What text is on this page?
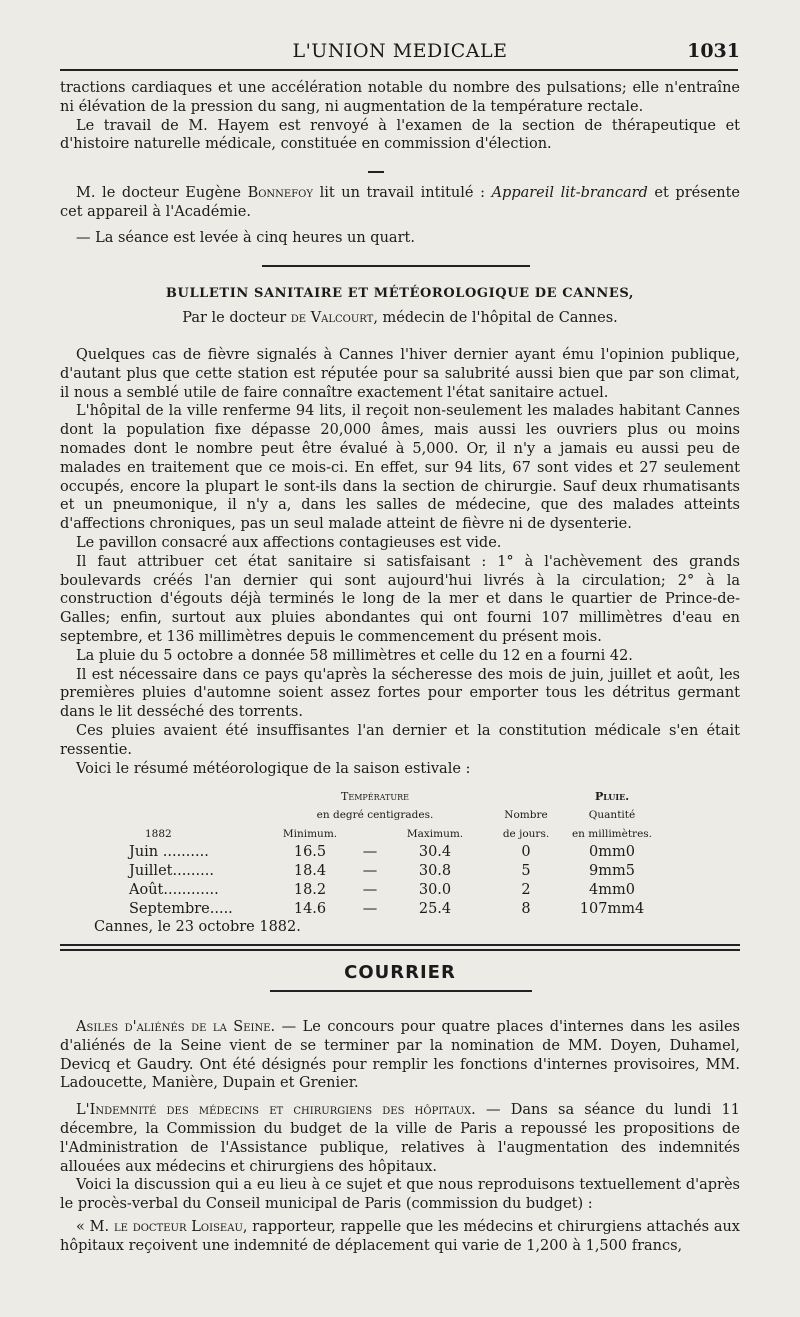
L'UNION MEDICALE	1031

tractions cardiaques et une accélération notable du nombre des pulsations; elle n'entraîne ni élévation de la pression du sang, ni augmentation de la température rectale.

Le travail de M. Hayem est renvoyé à l'examen de la section de thérapeutique et d'histoire naturelle médicale, constituée en commission d'élection.

M. le docteur Eugène Bonnefoy lit un travail intitulé : Appareil lit-brancard et présente cet appareil à l'Académie.

— La séance est levée à cinq heures un quart.

BULLETIN SANITAIRE ET MÉTÉOROLOGIQUE DE CANNES,
Par le docteur de Valcourt, médecin de l'hôpital de Cannes.

Quelques cas de fièvre signalés à Cannes l'hiver dernier ayant ému l'opinion publique, d'autant plus que cette station est réputée pour sa salubrité aussi bien que par son climat, il nous a semblé utile de faire connaître exactement l'état sanitaire actuel.

L'hôpital de la ville renferme 94 lits, il reçoit non-seulement les malades habitant Cannes dont la population fixe dépasse 20,000 âmes, mais aussi les ouvriers plus ou moins nomades dont le nombre peut être évalué à 5,000. Or, il n'y a jamais eu aussi peu de malades en traitement que ce mois-ci. En effet, sur 94 lits, 67 sont vides et 27 seulement occupés, encore la plupart le sont-ils dans la section de chirurgie. Sauf deux rhumatisants et un pneumonique, il n'y a, dans les salles de médecine, que des malades atteints d'affections chroniques, pas un seul malade atteint de fièvre ni de dysenterie.

Le pavillon consacré aux affections contagieuses est vide.

Il faut attribuer cet état sanitaire si satisfaisant : 1° à l'achèvement des grands boulevards créés l'an dernier qui sont aujourd'hui livrés à la circulation; 2° à la construction d'égouts déjà terminés le long de la mer et dans le quartier de Prince-de-Galles; enfin, surtout aux pluies abondantes qui ont fourni 107 millimètres d'eau en septembre, et 136 millimètres depuis le commencement du présent mois.

La pluie du 5 octobre a donnée 58 millimètres et celle du 12 en a fourni 42.

Il est nécessaire dans ce pays qu'après la sécheresse des mois de juin, juillet et août, les premières pluies d'automne soient assez fortes pour emporter tous les détritus germant dans le lit desséché des torrents.

Ces pluies avaient été insuffisantes l'an dernier et la constitution médicale s'en était ressentie.

Voici le résumé météorologique de la saison estivale :

	Température					Pluie.
	en degré centigrades.				Nombre	Quantité
1882	Minimum.		Maximum.		de jours.	en millimètres.
Juin ..........	16.5	—	30.4		0	0mm0
Juillet.........	18.4	—	30.8		5	9mm5
Août............	18.2	—	30.0		2	4mm0
Septembre.....	14.6	—	25.4		8	107mm4

Cannes, le 23 octobre 1882.

COURRIER

Asiles d'aliénés de la Seine. — Le concours pour quatre places d'internes dans les asiles d'aliénés de la Seine vient de se terminer par la nomination de MM. Doyen, Duhamel, Devicq et Gaudry. Ont été désignés pour remplir les fonctions d'internes provisoires, MM. Ladoucette, Manière, Dupain et Grenier.

L'Indemnité des médecins et chirurgiens des hôpitaux. — Dans sa séance du lundi 11 décembre, la Commission du budget de la ville de Paris a repoussé les propositions de l'Administration de l'Assistance publique, relatives à l'augmentation des indemnités allouées aux médecins et chirurgiens des hôpitaux.

Voici la discussion qui a eu lieu à ce sujet et que nous reproduisons textuellement d'après le procès-verbal du Conseil municipal de Paris (commission du budget) :

« M. le docteur Loiseau, rapporteur, rappelle que les médecins et chirurgiens attachés aux hôpitaux reçoivent une indemnité de déplacement qui varie de 1,200 à 1,500 francs,
